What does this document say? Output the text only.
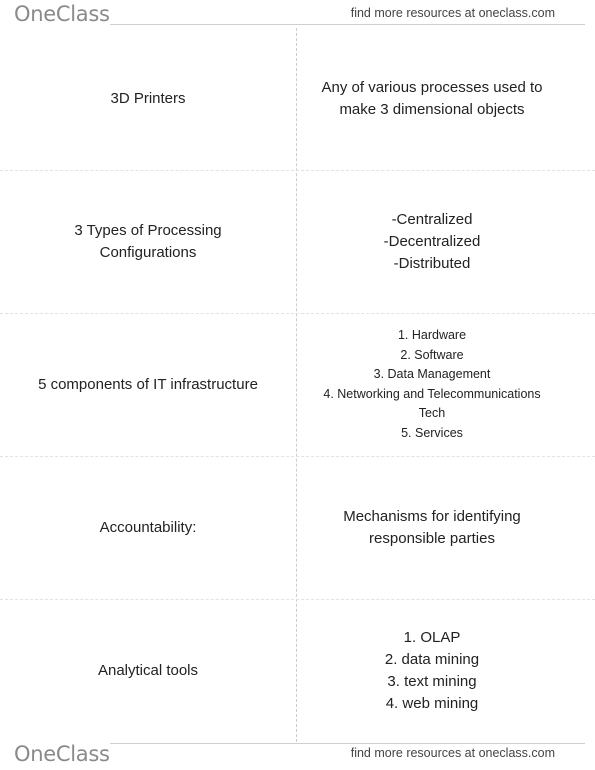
OneClass	find more resources at oneclass.com
3D Printers
Any of various processes used to
make 3 dimensional objects
3 Types of Processing
Configurations
-Centralized
-Decentralized
-Distributed
5 components of IT infrastructure
1. Hardware
2. Software
3. Data Management
4. Networking and Telecommunications
Tech
5. Services
Accountability:
Mechanisms for identifying
responsible parties
Analytical tools
1. OLAP
2. data mining
3. text mining
4. web mining
OneClass	find more resources at oneclass.com
